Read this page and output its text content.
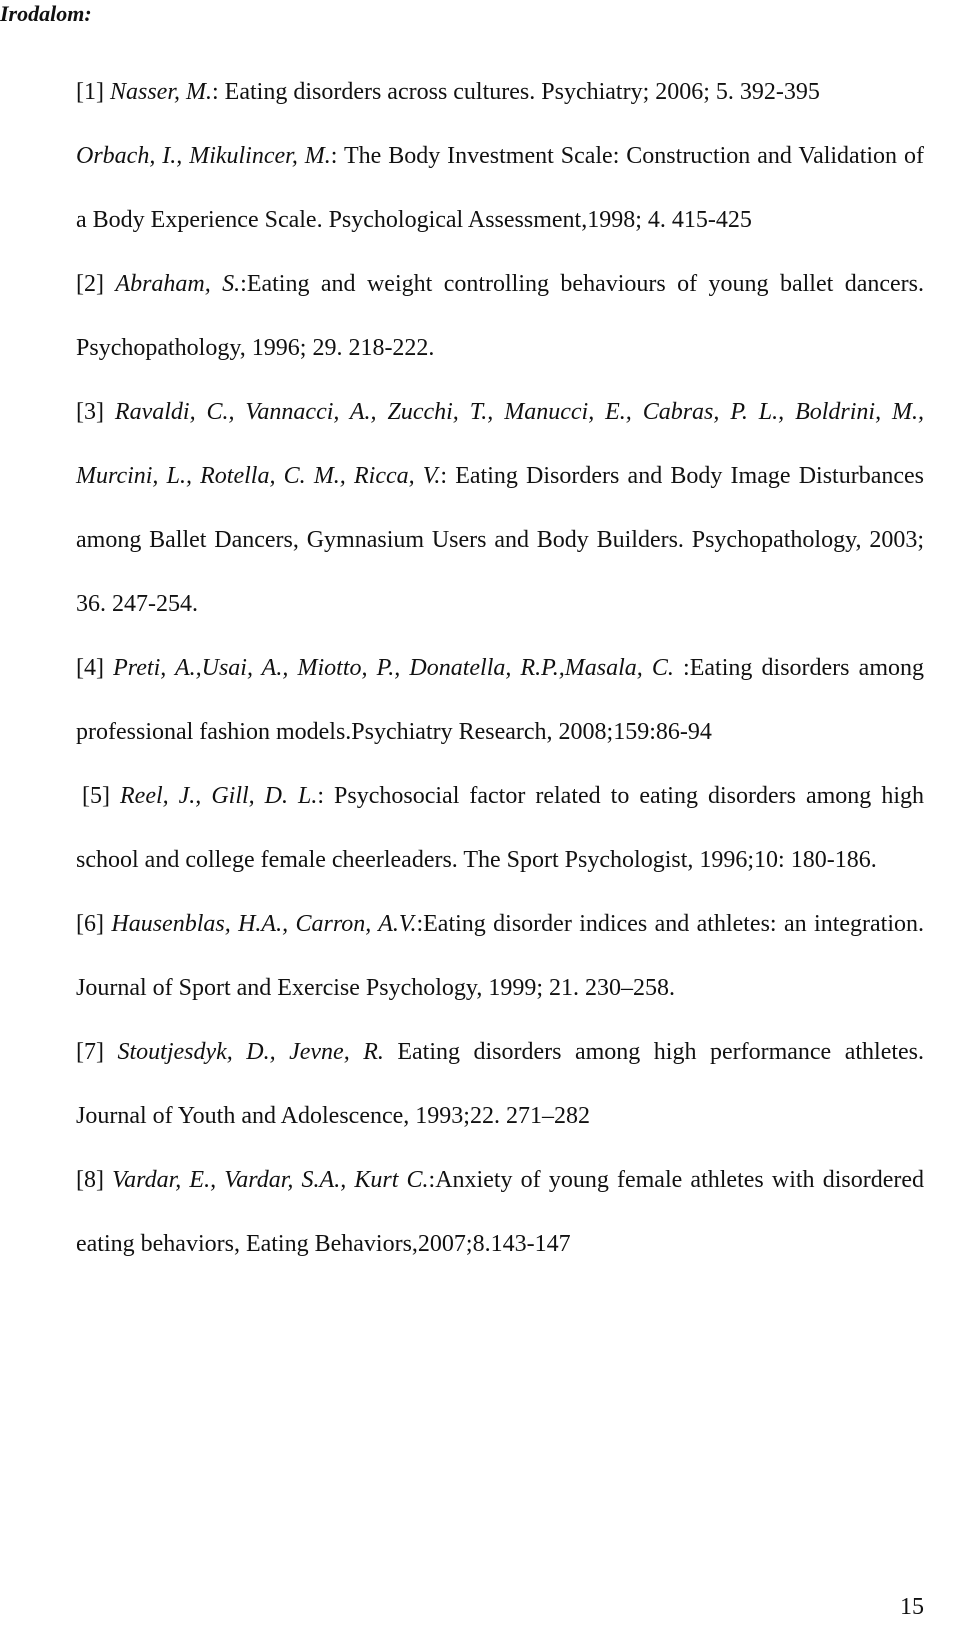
Irodalom:

[1] Nasser, M.: Eating disorders across cultures. Psychiatry; 2006; 5. 392-395
Orbach, I., Mikulincer, M.: The Body Investment Scale: Construction and Validation of a Body Experience Scale. Psychological Assessment,1998; 4. 415-425

[2] Abraham, S.:Eating and weight controlling behaviours of young ballet dancers. Psychopathology, 1996; 29. 218-222.

[3] Ravaldi, C., Vannacci, A., Zucchi, T., Manucci, E., Cabras, P. L., Boldrini, M., Murcini, L., Rotella, C. M., Ricca, V.: Eating Disorders and Body Image Disturbances among Ballet Dancers, Gymnasium Users and Body Builders. Psychopathology, 2003; 36. 247-254.

[4] Preti, A.,Usai, A., Miotto, P., Donatella, R.P.,Masala, C. :Eating disorders among professional fashion models.Psychiatry Research, 2008;159:86-94

[5] Reel, J., Gill, D. L.: Psychosocial factor related to eating disorders among high school and college female cheerleaders. The Sport Psychologist, 1996;10: 180-186.

[6] Hausenblas, H.A., Carron, A.V.:Eating disorder indices and athletes: an integration. Journal of Sport and Exercise Psychology, 1999; 21. 230–258.

[7] Stoutjesdyk, D., Jevne, R. Eating disorders among high performance athletes. Journal of Youth and Adolescence, 1993;22. 271–282

[8] Vardar, E., Vardar, S.A., Kurt C.:Anxiety of young female athletes with disordered eating behaviors, Eating Behaviors,2007;8.143-147

15
